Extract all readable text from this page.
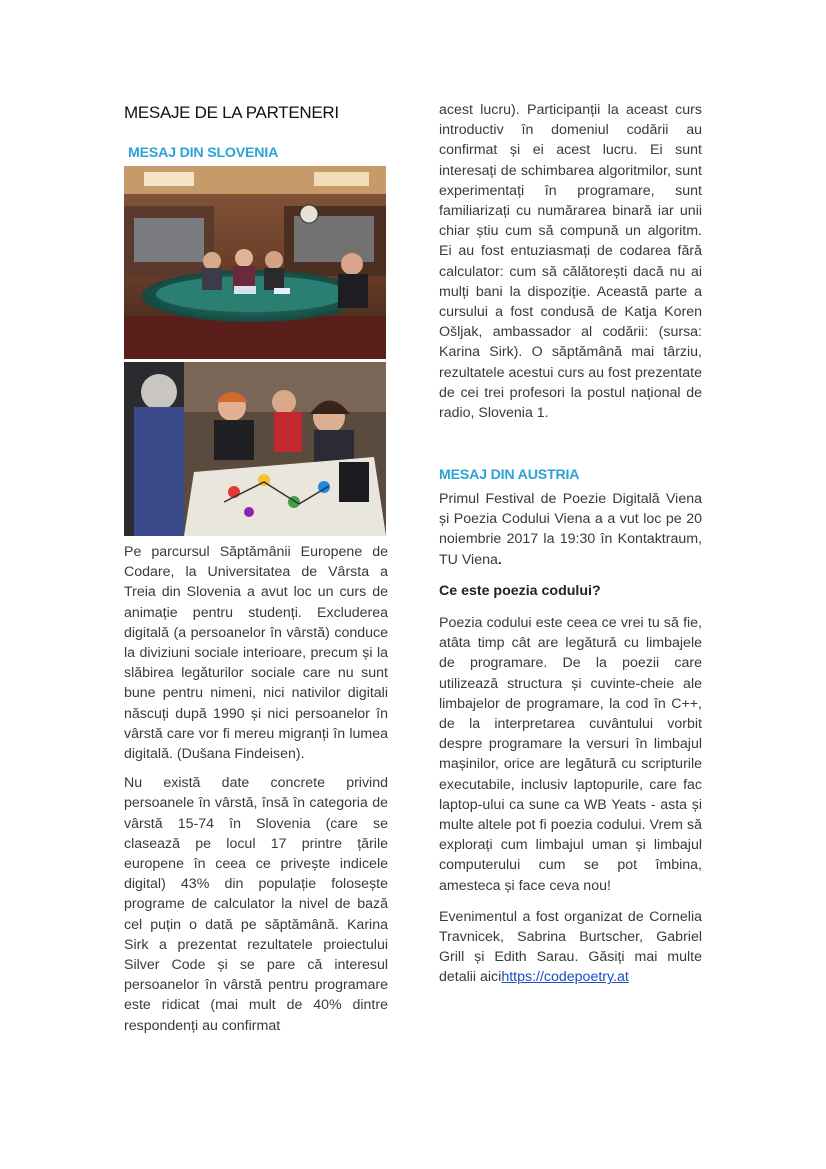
MESAJE DE LA PARTENERI
MESAJ DIN SLOVENIA

Pe parcursul Săptămânii Europene de Codare, la Universitatea de Vârsta a Treia din Slovenia a avut loc un curs de animație pentru studenți. Excluderea digitală (a persoanelor în vârstă) conduce la diviziuni sociale interioare, precum și la slăbirea legăturilor sociale care nu sunt bune pentru nimeni, nici nativilor digitali născuți după 1990 și nici persoanelor în vârstă care vor fi mereu migranți în lumea digitală. (Dušana Findeisen).

Nu există date concrete privind persoanele în vârstă, însă în categoria de vârstă 15-74 în Slovenia (care se clasează pe locul 17 printre țările europene în ceea ce privește indicele digital) 43% din populație folosește programe de calculator la nivel de bază cel puțin o dată pe săptămână. Karina Sirk a prezentat rezultatele proiectului Silver Code și se pare că interesul persoanelor în vârstă pentru programare este ridicat (mai mult de 40% dintre respondenți au confirmat

acest lucru). Participanții la aceast curs introductiv în domeniul codării au confirmat și ei acest lucru. Ei sunt interesați de schimbarea algoritmilor, sunt experimentați în programare, sunt familiarizați cu numărarea binară iar unii chiar știu cum să compună un algoritm. Ei au fost entuziasmați de codarea fără calculator: cum să călătorești dacă nu ai mulți bani la dispoziție. Această parte a cursului a fost condusă de Katja Koren Ošljak, ambassador al codării: (sursa: Karina Sirk). O săptămână mai târziu, rezultatele acestui curs au fost prezentate de cei trei profesori la postul național de radio, Slovenia 1.

MESAJ DIN AUSTRIA

Primul Festival de Poezie Digitală Viena și Poezia Codului Viena a a vut loc pe 20 noiembrie 2017 la 19:30 în Kontaktraum, TU Viena.

Ce este poezia codului?

Poezia codului este ceea ce vrei tu să fie, atâta timp cât are legătură cu limbajele de programare. De la poezii care utilizează structura și cuvinte-cheie ale limbajelor de programare, la cod în C++, de la interpretarea cuvântului vorbit despre programare la versuri în limbajul mașinilor, orice are legătură cu scripturile executabile, inclusiv laptopurile, care fac laptop-ului ca sune ca WB Yeats - asta și multe altele pot fi poezia codului. Vrem să explorați cum limbajul uman și limbajul computerului cum se pot îmbina, amesteca și face ceva nou!

Evenimentul a fost organizat de Cornelia Travnicek, Sabrina Burtscher, Gabriel Grill și Edith Sarau. Găsiți mai multe detalii aicihttps://codepoetry.at
